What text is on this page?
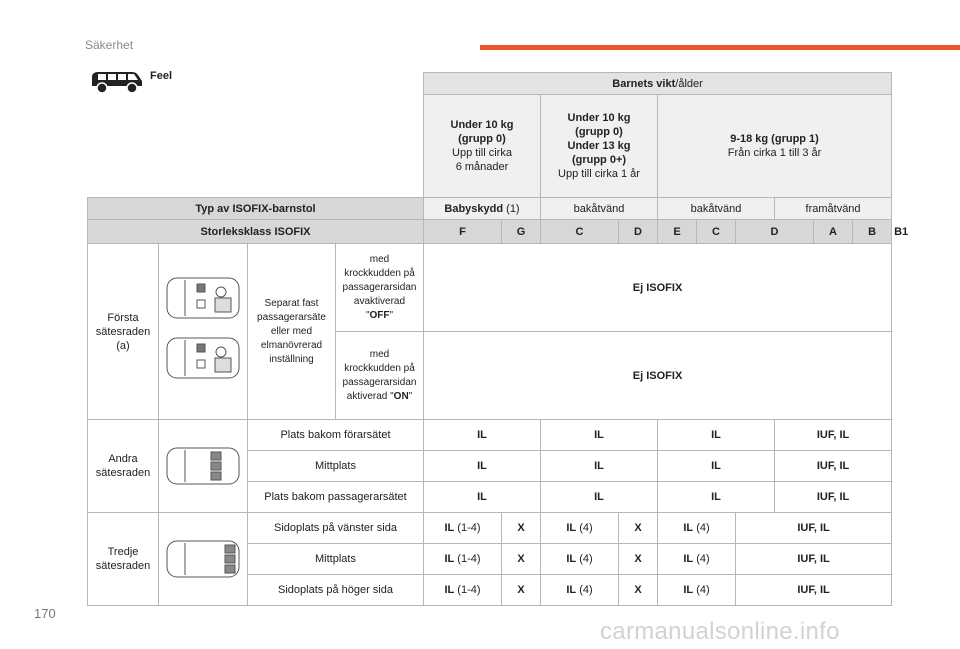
Säkerhet
Feel
				Barnets vikt/ålder										
				Under 10 kg
(grupp 0)
Upp till cirka
6 månader		Under 10 kg
(grupp 0)
Under 13 kg
(grupp 0+)
Upp till cirka 1 år		9-18 kg (grupp 1)
Från cirka 1 till 3 år						
Typ av ISOFIX-barnstol				Babyskydd (1)		bakåtvänd		bakåtvänd			framåtvänd			
Storleksklass ISOFIX				F	G	C	D	E	C	D		A	B	B1
Första
sätesraden
(a)		Separat fast
passagerarsäte
eller med
elmanövrerad
inställning	med
krockkudden på
passagerarsidan
avaktiverad
"OFF"	Ej ISOFIX										
			med
krockkudden på
passagerarsidan
aktiverad "ON"	Ej ISOFIX										
Andra
sätesraden		Plats bakom förarsätet		IL		IL		IL			IUF, IL			
		Mittplats		IL		IL		IL			IUF, IL			
		Plats bakom passagerarsätet		IL		IL		IL			IUF, IL			
Tredje
sätesraden		Sidoplats på vänster sida		IL (1-4)	X	IL (4)	X	IL (4)		IUF, IL				
		Mittplats		IL (1-4)	X	IL (4)	X	IL (4)		IUF, IL				
		Sidoplats på höger sida		IL (1-4)	X	IL (4)	X	IL (4)		IUF, IL				
170
carmanualsonline.info
